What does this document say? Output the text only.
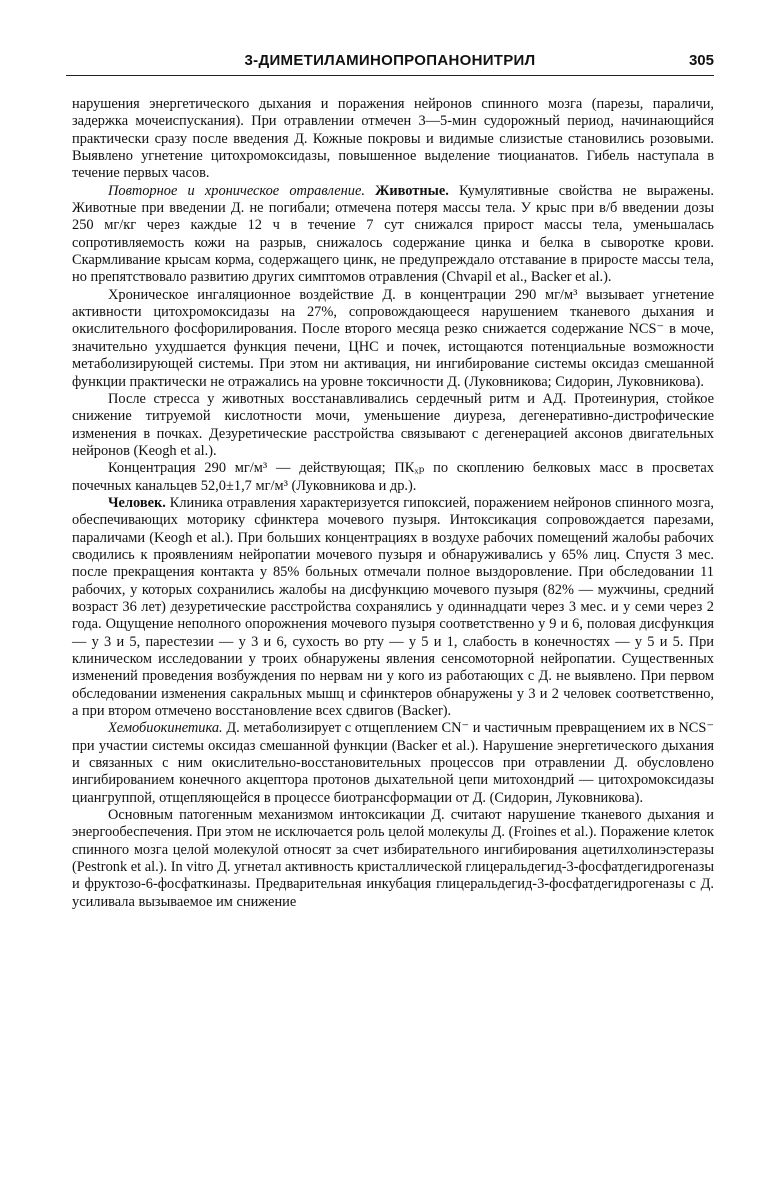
3-ДИМЕТИЛАМИНОПРОПАНОНИТРИЛ	305

нарушения энергетического дыхания и поражения нейронов спинного мозга (парезы, параличи, задержка мочеиспускания). При отравлении отмечен 3—5-мин судорожный период, начинающийся практически сразу после введения Д. Кожные покровы и видимые слизистые становились розовыми. Выявлено угнетение цитохромоксидазы, повышенное выделение тиоцианатов. Гибель наступала в течение первых часов.

Повторное и хроническое отравление. Животные. Кумулятивные свойства не выражены. Животные при введении Д. не погибали; отмечена потеря массы тела. У крыс при в/б введении дозы 250 мг/кг через каждые 12 ч в течение 7 сут снижался прирост массы тела, уменьшалась сопротивляемость кожи на разрыв, снижалось содержание цинка и белка в сыворотке крови. Скармливание крысам корма, содержащего цинк, не предупреждало отставание в приросте массы тела, но препятствовало развитию других симптомов отравления (Chvapil et al., Backer et al.).

Хроническое ингаляционное воздействие Д. в концентрации 290 мг/м³ вызывает угнетение активности цитохромоксидазы на 27%, сопровождающееся нарушением тканевого дыхания и окислительного фосфорилирования. После второго месяца резко снижается содержание NCS⁻ в моче, значительно ухудшается функция печени, ЦНС и почек, истощаются потенциальные возможности метаболизирующей системы. При этом ни активация, ни ингибирование системы оксидаз смешанной функции практически не отражались на уровне токсичности Д. (Луковникова; Сидорин, Луковникова).

После стресса у животных восстанавливались сердечный ритм и АД. Протеинурия, стойкое снижение титруемой кислотности мочи, уменьшение диуреза, дегенеративно-дистрофические изменения в почках. Дезуретические расстройства связывают с дегенерацией аксонов двигательных нейронов (Keogh et al.).

Концентрация 290 мг/м³ — действующая; ПКₓₚ по скоплению белковых масс в просветах почечных канальцев 52,0±1,7 мг/м³ (Луковникова и др.).

Человек. Клиника отравления характеризуется гипоксией, поражением нейронов спинного мозга, обеспечивающих моторику сфинктера мочевого пузыря. Интоксикация сопровождается парезами, параличами (Keogh et al.). При больших концентрациях в воздухе рабочих помещений жалобы рабочих сводились к проявлениям нейропатии мочевого пузыря и обнаруживались у 65% лиц. Спустя 3 мес. после прекращения контакта у 85% больных отмечали полное выздоровление. При обследовании 11 рабочих, у которых сохранились жалобы на дисфункцию мочевого пузыря (82% — мужчины, средний возраст 36 лет) дезуретические расстройства сохранялись у одиннадцати через 3 мес. и у семи через 2 года. Ощущение неполного опорожнения мочевого пузыря соответственно у 9 и 6, половая дисфункция — у 3 и 5, парестезии — у 3 и 6, сухость во рту — у 5 и 1, слабость в конечностях — у 5 и 5. При клиническом исследовании у троих обнаружены явления сенсомоторной нейропатии. Существенных изменений проведения возбуждения по нервам ни у кого из работающих с Д. не выявлено. При первом обследовании изменения сакральных мышц и сфинктеров обнаружены у 3 и 2 человек соответственно, а при втором отмечено восстановление всех сдвигов (Backer).

Хемобиокинетика. Д. метаболизирует с отщеплением CN⁻ и частичным превращением их в NCS⁻ при участии системы оксидаз смешанной функции (Backer et al.). Нарушение энергетического дыхания и связанных с ним окислительно-восстановительных процессов при отравлении Д. обусловлено ингибированием конечного акцептора протонов дыхательной цепи митохондрий — цитохромоксидазы циангруппой, отщепляющейся в процессе биотрансформации от Д. (Сидорин, Луковникова).

Основным патогенным механизмом интоксикации Д. считают нарушение тканевого дыхания и энергообеспечения. При этом не исключается роль целой молекулы Д. (Froines et al.). Поражение клеток спинного мозга целой молекулой относят за счет избирательного ингибирования ацетилхолинэстеразы (Pestronk et al.). In vitro Д. угнетал активность кристаллической глицеральдегид-3-фосфатдегидрогеназы и фруктозо-6-фосфаткиназы. Предварительная инкубация глицеральдегид-3-фосфатдегидрогеназы с Д. усиливала вызываемое им снижение
